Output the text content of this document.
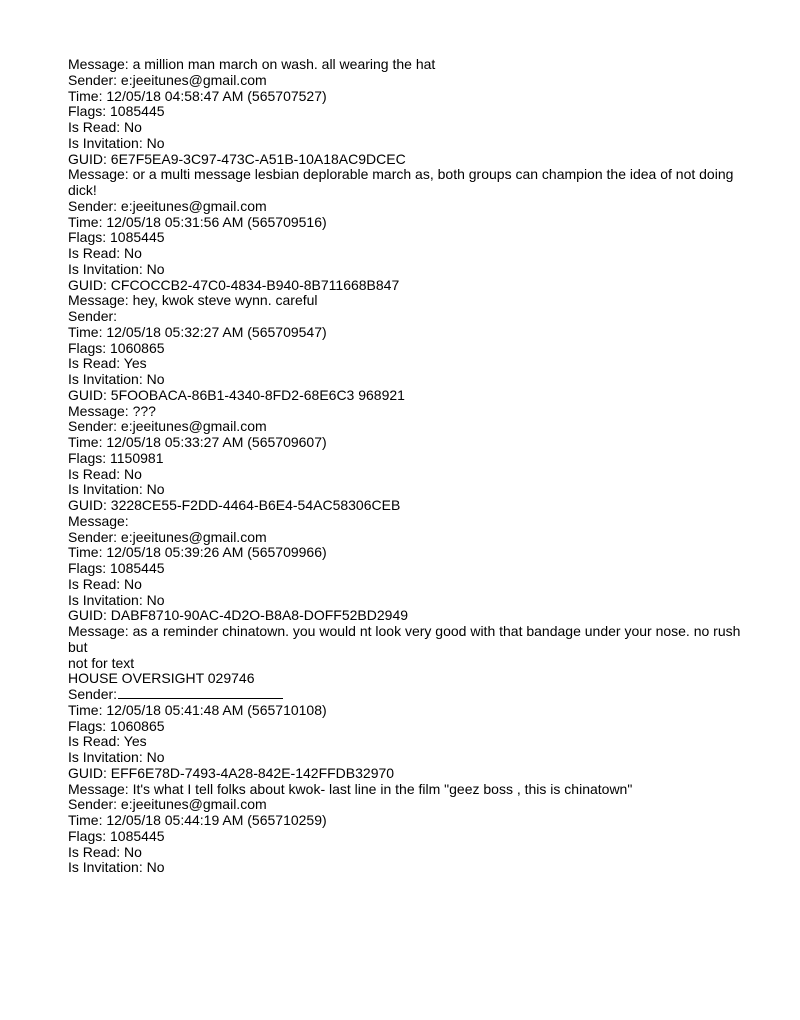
Message: a million man march on wash. all wearing the hat
Sender: e:jeeitunes@gmail.com
Time: 12/05/18 04:58:47 AM (565707527)
Flags: 1085445
Is Read: No
Is Invitation: No
GUID: 6E7F5EA9-3C97-473C-A51B-10A18AC9DCEC
Message: or a multi message lesbian deplorable march as, both groups can champion the idea of not doing dick!
Sender: e:jeeitunes@gmail.com
Time: 12/05/18 05:31:56 AM (565709516)
Flags: 1085445
Is Read: No
Is Invitation: No
GUID: CFCOCCB2-47C0-4834-B940-8B711668B847
Message: hey, kwok steve wynn. careful
Sender:
Time: 12/05/18 05:32:27 AM (565709547)
Flags: 1060865
Is Read: Yes
Is Invitation: No
GUID: 5FOOBACA-86B1-4340-8FD2-68E6C3 968921
Message: ???
Sender: e:jeeitunes@gmail.com
Time: 12/05/18 05:33:27 AM (565709607)
Flags: 1150981
Is Read: No
Is Invitation: No
GUID: 3228CE55-F2DD-4464-B6E4-54AC58306CEB
Message:
Sender: e:jeeitunes@gmail.com
Time: 12/05/18 05:39:26 AM (565709966)
Flags: 1085445
Is Read: No
Is Invitation: No
GUID: DABF8710-90AC-4D2O-B8A8-DOFF52BD2949
Message: as a reminder chinatown. you would nt look very good with that bandage under your nose. no rush but
not for text
HOUSE OVERSIGHT 029746
Sender:
Time: 12/05/18 05:41:48 AM (565710108)
Flags: 1060865
Is Read: Yes
Is Invitation: No
GUID: EFF6E78D-7493-4A28-842E-142FFDB32970
Message: It's what I tell folks about kwok- last line in the film "geez boss , this is chinatown"
Sender: e:jeeitunes@gmail.com
Time: 12/05/18 05:44:19 AM (565710259)
Flags: 1085445
Is Read: No
Is Invitation: No
